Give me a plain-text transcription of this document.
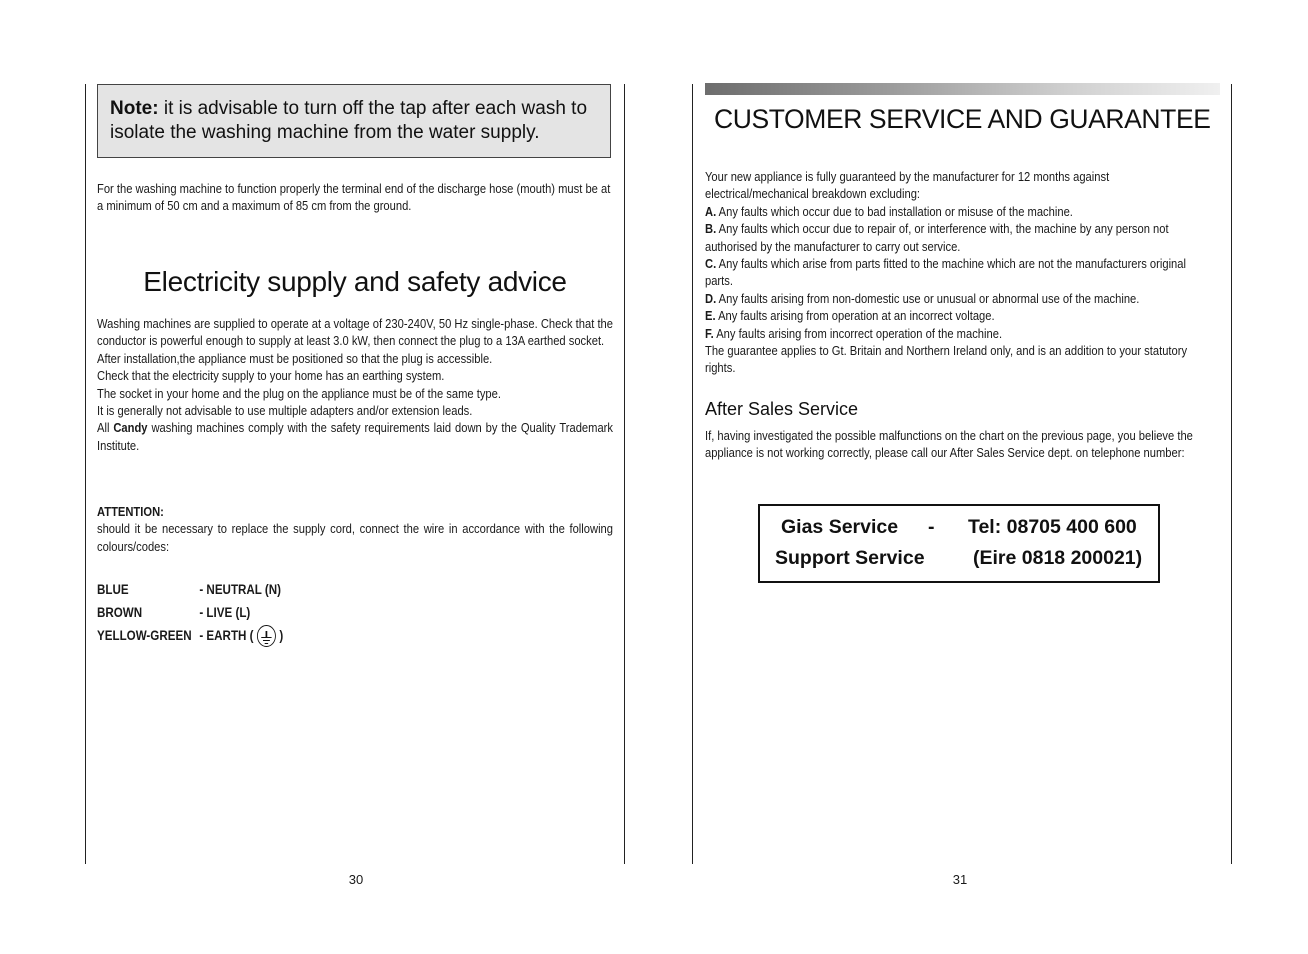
Note: it is advisable to turn off the tap after each wash to isolate the washing machine from the water supply.
For the washing machine to function properly the terminal end of the discharge hose (mouth) must be at a minimum of 50 cm and a maximum of 85 cm from the ground.
Electricity supply and safety advice
Washing machines are supplied to operate at a voltage of 230-240V, 50 Hz single-phase. Check that the conductor is powerful enough to supply at least 3.0 kW, then connect the plug to a 13A earthed socket.
After installation,the appliance must be positioned so that the plug is accessible.
Check that the electricity supply to your home has an earthing system.
The socket in your home and the plug on the appliance must be of the same type.
It is generally not advisable to use multiple adapters and/or extension leads.
All Candy washing machines comply with the safety requirements laid down by the Quality Trademark Institute.
ATTENTION:
should it be necessary to replace the supply cord, connect the wire in accordance with the following colours/codes:
BLUE	- NEUTRAL (N)
BROWN	- LIVE (L)
YELLOW-GREEN - EARTH ( )
30
CUSTOMER SERVICE AND GUARANTEE
Your new appliance is fully guaranteed by the manufacturer for 12 months against electrical/mechanical breakdown excluding:
A. Any faults which occur due to bad installation or misuse of the machine.
B. Any faults which occur due to repair of, or interference with, the machine by any person not authorised by the manufacturer to carry out service.
C. Any faults which arise from parts fitted to the machine which are not the manufacturers original parts.
D. Any faults arising from non-domestic use or unusual or abnormal use of the machine.
E. Any faults arising from operation at an incorrect voltage.
F. Any faults arising from incorrect operation of the machine.
The guarantee applies to Gt. Britain and Northern Ireland only, and is an addition to your statutory rights.
After Sales Service
If, having investigated the possible malfunctions on the chart on the previous page, you believe the appliance is not working correctly, please call our After Sales Service dept. on telephone number:
Gias Service - Tel: 08705 400 600
Support Service (Eire 0818 200021)
31
